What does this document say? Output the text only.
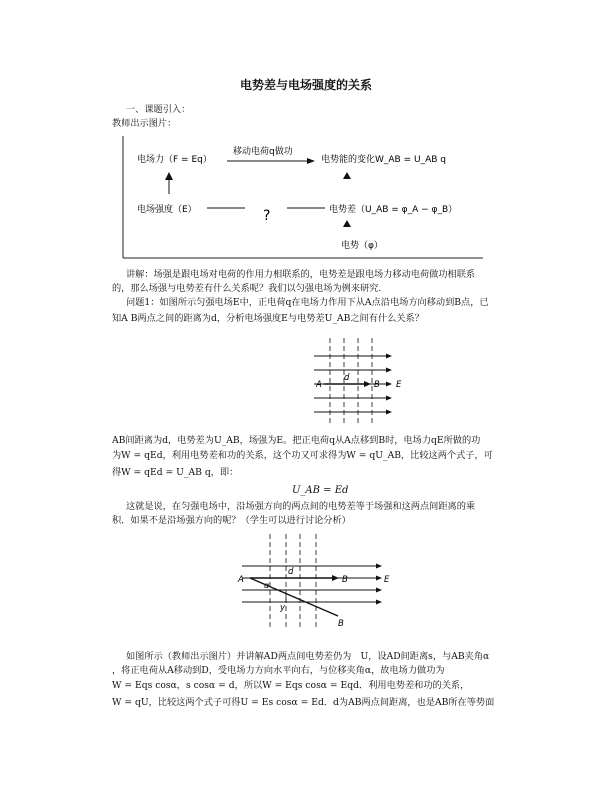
电势差与电场强度的关系
一、课题引入：
教师出示图片：
电场力（F = Eq）
移动电荷q做功
电势能的变化W_AB = U_AB q
电场强度（E）	?	电势差（U_AB = φ_A − φ_B）
电势（φ）
讲解：场强是跟电场对电荷的作用力相联系的，电势差是跟电场力移动电荷做功相联系
的，那么场强与电势差有什么关系呢？我们以匀强电场为例来研究.
问题1：如图所示匀强电场E中，正电荷q在电场力作用下从A点沿电场方向移动到B点，已
知A B两点之间的距离为d，分析电场强度E与电势差U_AB之间有什么关系？
A
d
B E
AB间距离为d，电势差为U_AB，场强为E。把正电荷q从A点移到B时，电场力qE所做的功
为W = qEd，利用电势差和功的关系，这个功又可求得为W = qU_AB，比较这两个式子，可
得W = qEd = U_AB q，即：
U_AB = Ed
这就是说，在匀强电场中，沿场强方向的两点间的电势差等于场强和这两点间距离的乘
积．如果不是沿场强方向的呢？（学生可以进行讨论分析）
A
d
α
B
y
B
E
如图所示（教师出示图片）并讲解AD两点间电势差仍为　U，设AD间距离s，与AB夹角α
，将正电荷从A移动到D，受电场力方向水平向右，与位移夹角α，故电场力做功为
W = Eqs cosα，s cosα = d，所以W = Eqs cosα = Eqd．利用电势差和功的关系，
W = qU，比较这两个式子可得U = Es cosα = Ed．d为AB两点间距离，也是AB所在等势面
